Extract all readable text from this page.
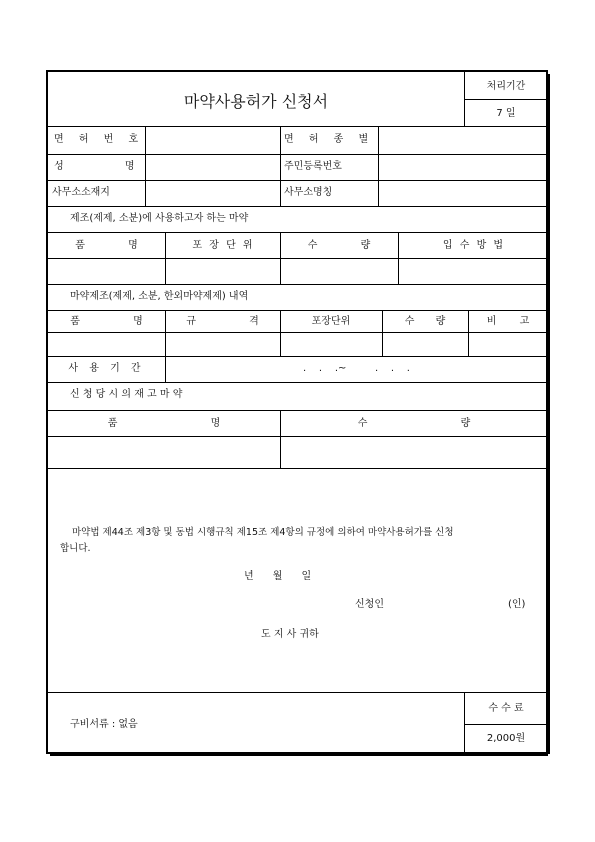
마약사용허가 신청서
처리기간
7 일
면 허 번 호	면 허 종 별
성 명	주민등록번호
사무소소재지	사무소명칭
제조(제제, 소분)에 사용하고자 하는 마약
품 명	포 장 단 위	수 량	입 수 방 법
마약제조(제제, 소분, 한외마약제제) 내역
품 명	규 격	포장단위	수 량	비 고
사 용 기 간	.    .    .~         .    .    .
신 청 당 시 의 재 고 마 약
품 명	수 량
마약법 제44조 제3항 및 동법 시행규칙 제15조 제4항의 규정에 의하여 마약사용허가를 신청
합니다.
년      월      일
신청인	(인)
도 지 사 귀하
구비서류 : 없음
수 수 료
2,000원
